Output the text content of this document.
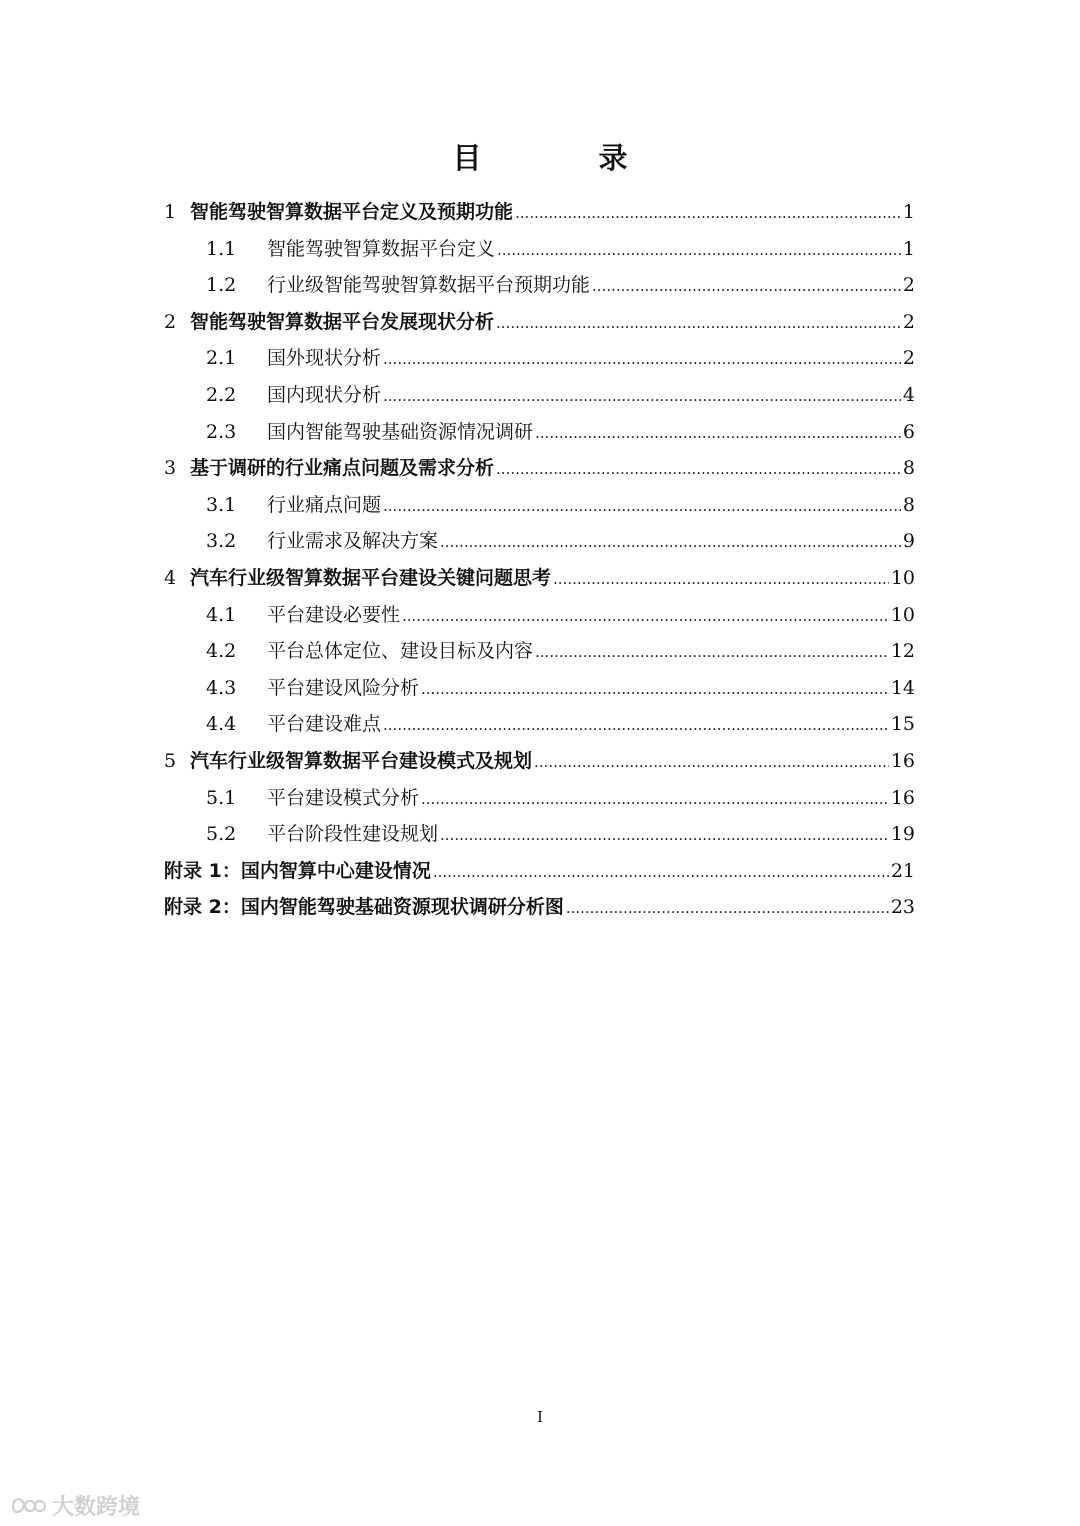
目　录
1 智能驾驶智算数据平台定义及预期功能 .....	1
1.1	智能驾驶智算数据平台定义 .....	1
1.2	行业级智能驾驶智算数据平台预期功能 .....	2
2 智能驾驶智算数据平台发展现状分析 .....	2
2.1	国外现状分析 .....	2
2.2	国内现状分析 .....	4
2.3	国内智能驾驶基础资源情况调研 .....	6
3 基于调研的行业痛点问题及需求分析 .....	8
3.1	行业痛点问题 .....	8
3.2	行业需求及解决方案 .....	9
4 汽车行业级智算数据平台建设关键问题思考 .....	10
4.1	平台建设必要性 .....	10
4.2	平台总体定位、建设目标及内容 .....	12
4.3	平台建设风险分析 .....	14
4.4	平台建设难点 .....	15
5 汽车行业级智算数据平台建设模式及规划 .....	16
5.1	平台建设模式分析 .....	16
5.2	平台阶段性建设规划 .....	19
附录 1：国内智算中心建设情况 .....	21
附录 2：国内智能驾驶基础资源现状调研分析图 .....	23
I
大数跨境
